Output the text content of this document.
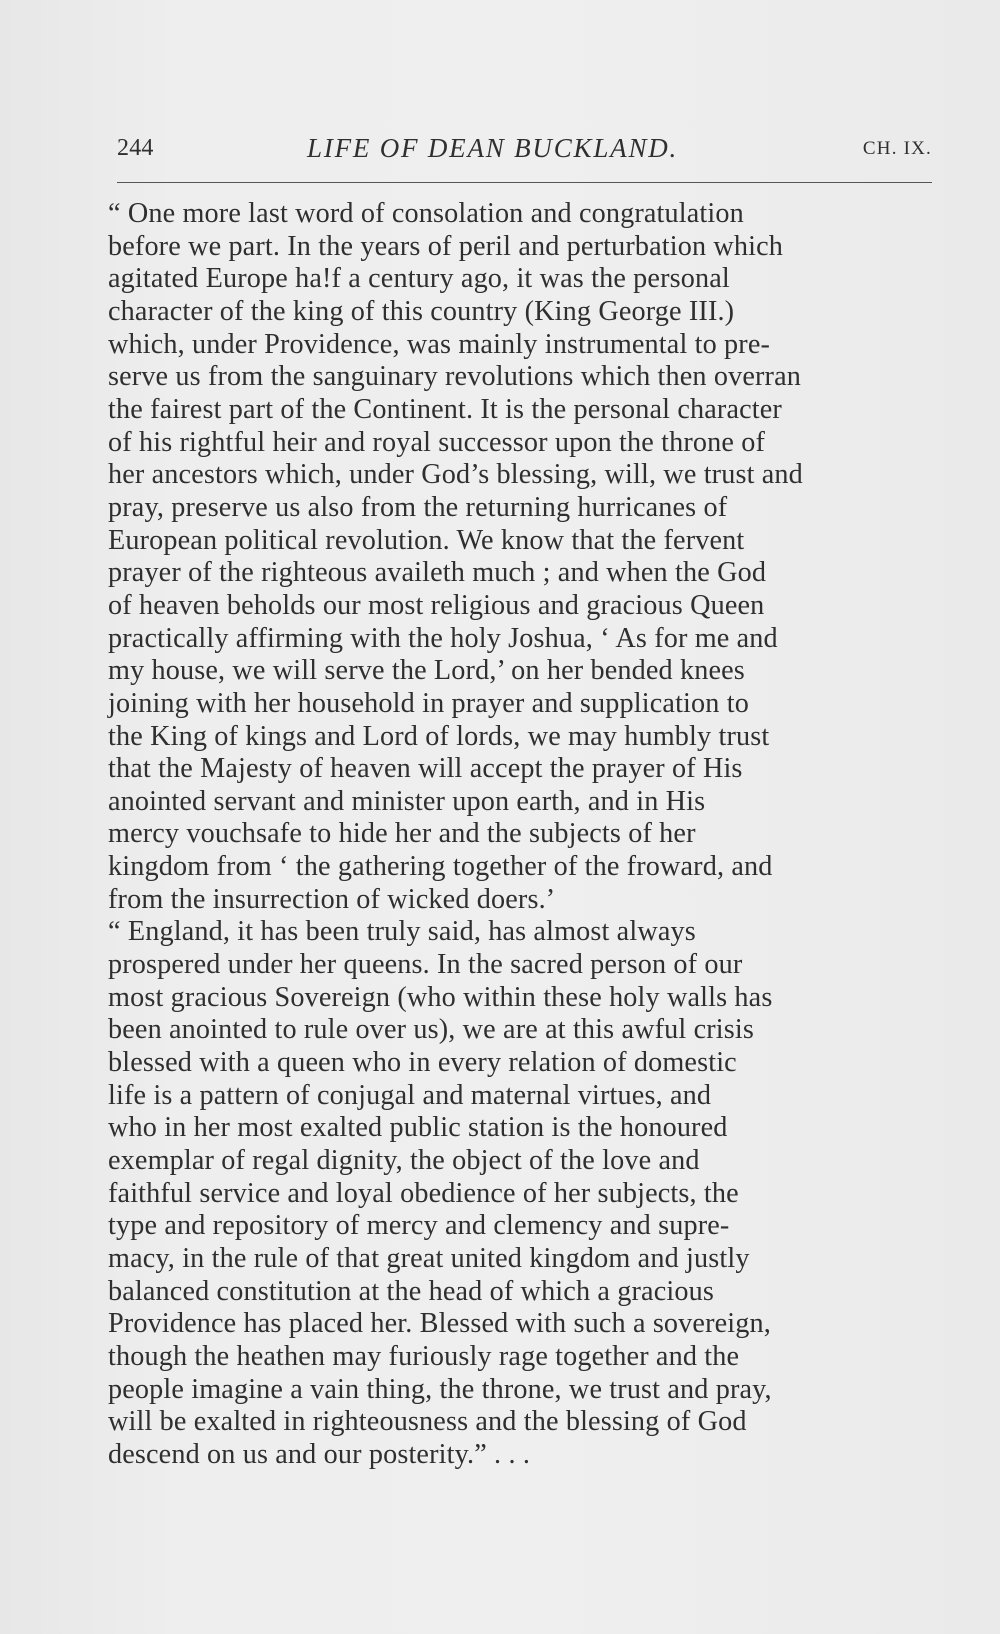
244	LIFE OF DEAN BUCKLAND.	CH. IX.
“ One more last word of consolation and congratulation
before we part. In the years of peril and perturbation which
agitated Europe ha!f a century ago, it was the personal
character of the king of this country (King George III.)
which, under Providence, was mainly instrumental to pre-
serve us from the sanguinary revolutions which then overran
the fairest part of the Continent. It is the personal character
of his rightful heir and royal successor upon the throne of
her ancestors which, under God’s blessing, will, we trust and
pray, preserve us also from the returning hurricanes of
European political revolution. We know that the fervent
prayer of the righteous availeth much ; and when the God
of heaven beholds our most religious and gracious Queen
practically affirming with the holy Joshua, ‘ As for me and
my house, we will serve the Lord,’ on her bended knees
joining with her household in prayer and supplication to
the King of kings and Lord of lords, we may humbly trust
that the Majesty of heaven will accept the prayer of His
anointed servant and minister upon earth, and in His
mercy vouchsafe to hide her and the subjects of her
kingdom from ‘ the gathering together of the froward, and
from the insurrection of wicked doers.’
“ England, it has been truly said, has almost always
prospered under her queens. In the sacred person of our
most gracious Sovereign (who within these holy walls has
been anointed to rule over us), we are at this awful crisis
blessed with a queen who in every relation of domestic
life is a pattern of conjugal and maternal virtues, and
who in her most exalted public station is the honoured
exemplar of regal dignity, the object of the love and
faithful service and loyal obedience of her subjects, the
type and repository of mercy and clemency and supre-
macy, in the rule of that great united kingdom and justly
balanced constitution at the head of which a gracious
Providence has placed her. Blessed with such a sovereign,
though the heathen may furiously rage together and the
people imagine a vain thing, the throne, we trust and pray,
will be exalted in righteousness and the blessing of God
descend on us and our posterity.” . . .
